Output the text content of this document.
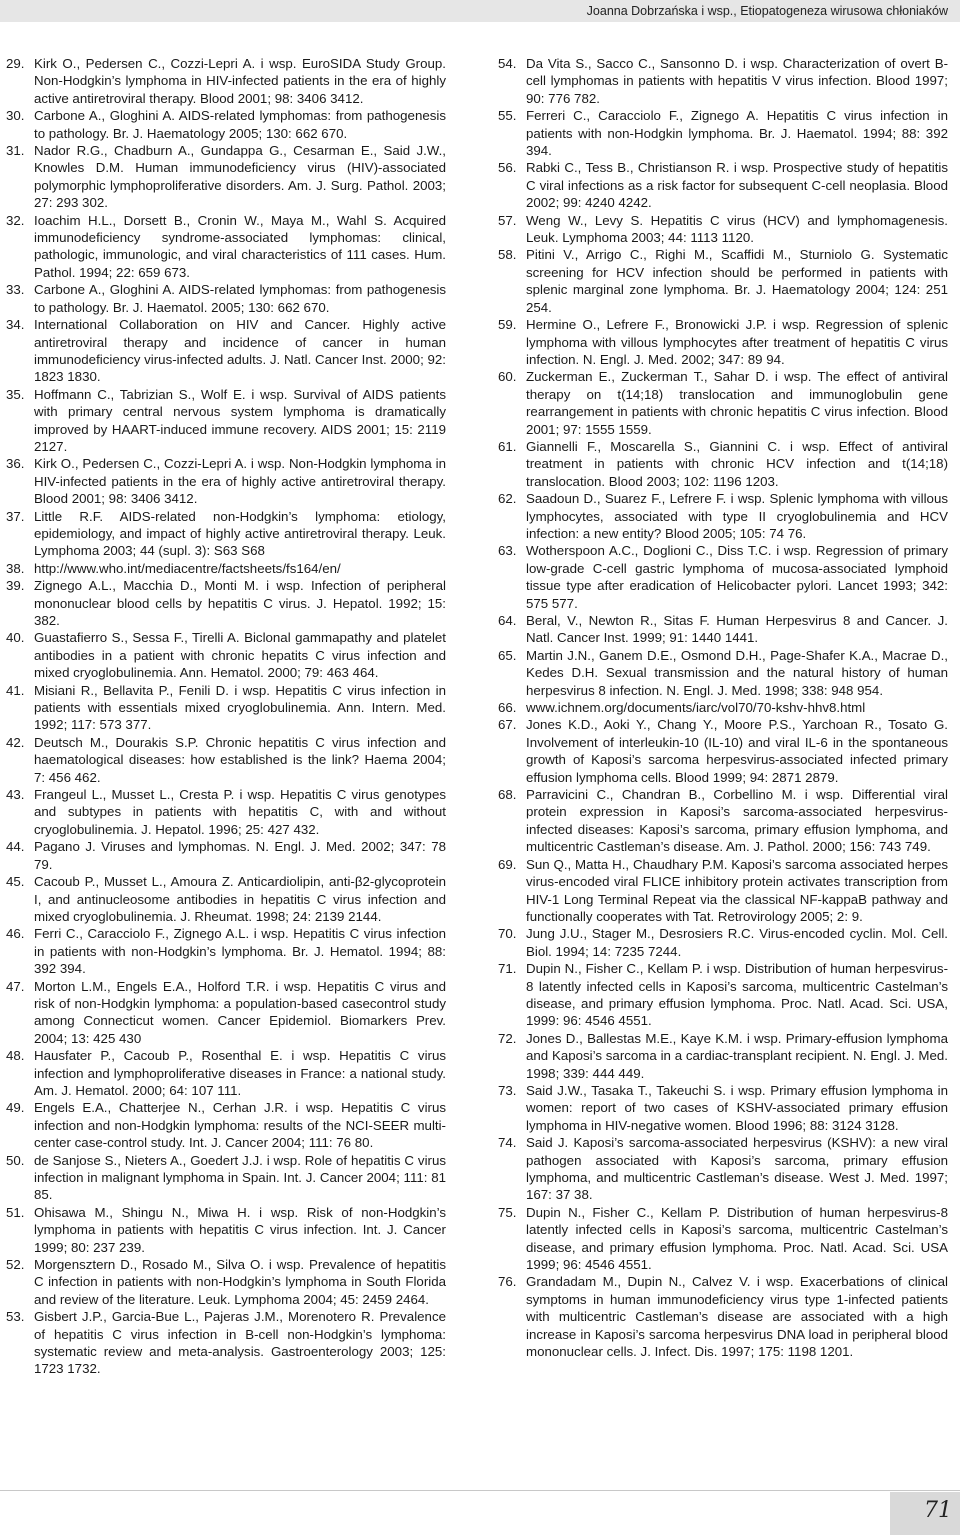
Joanna Dobrzańska i wsp., Etiopatogeneza wirusowa chłoniaków
29. Kirk O., Pedersen C., Cozzi-Lepri A. i wsp. EuroSIDA Study Group. Non-Hodgkin’s lymphoma in HIV-infected patients in the era of highly active antiretroviral therapy. Blood 2001; 98: 3406 3412.
30. Carbone A., Gloghini A. AIDS-related lymphomas: from pathogenesis to pathology. Br. J. Haematology 2005; 130: 662 670.
31. Nador R.G., Chadburn A., Gundappa G., Cesarman E., Said J.W., Knowles D.M. Human immunodeficiency virus (HIV)-associated polymorphic lymphoproliferative disorders. Am. J. Surg. Pathol. 2003; 27: 293 302.
32. Ioachim H.L., Dorsett B., Cronin W., Maya M., Wahl S. Acquired immunodeficiency syndrome-associated lymphomas: clinical, pathologic, immunologic, and viral characteristics of 111 cases. Hum. Pathol. 1994; 22: 659 673.
33. Carbone A., Gloghini A. AIDS-related lymphomas: from pathogenesis to pathology. Br. J. Haematol. 2005; 130: 662 670.
34. International Collaboration on HIV and Cancer. Highly active antiretroviral therapy and incidence of cancer in human immunodeficiency virus-infected adults. J. Natl. Cancer Inst. 2000; 92: 1823 1830.
35. Hoffmann C., Tabrizian S., Wolf E. i wsp. Survival of AIDS patients with primary central nervous system lymphoma is dramatically improved by HAART-induced immune recovery. AIDS 2001; 15: 2119 2127.
36. Kirk O., Pedersen C., Cozzi-Lepri A. i wsp. Non-Hodgkin lymphoma in HIV-infected patients in the era of highly active antiretroviral therapy. Blood 2001; 98: 3406 3412.
37. Little R.F. AIDS-related non-Hodgkin’s lymphoma: etiology, epidemiology, and impact of highly active antiretroviral therapy. Leuk. Lymphoma 2003; 44 (supl. 3): S63 S68
38. http://www.who.int/mediacentre/factsheets/fs164/en/
39. Zignego A.L., Macchia D., Monti M. i wsp. Infection of peripheral mononuclear blood cells by hepatitis C virus. J. Hepatol. 1992; 15: 382.
40. Guastafierro S., Sessa F., Tirelli A. Biclonal gammapathy and platelet antibodies in a patient with chronic hepatits C virus infection and mixed cryoglobulinemia. Ann. Hematol. 2000; 79: 463 464.
41. Misiani R., Bellavita P., Fenili D. i wsp. Hepatitis C virus infection in patients with essentials mixed cryoglobulinemia. Ann. Intern. Med. 1992; 117: 573 377.
42. Deutsch M., Dourakis S.P. Chronic hepatitis C virus infection and haematological diseases: how established is the link? Haema 2004; 7: 456 462.
43. Frangeul L., Musset L., Cresta P. i wsp. Hepatitis C virus genotypes and subtypes in patients with hepatitis C, with and without cryoglobulinemia. J. Hepatol. 1996; 25: 427 432.
44. Pagano J. Viruses and lymphomas. N. Engl. J. Med. 2002; 347: 78 79.
45. Cacoub P., Musset L., Amoura Z. Anticardiolipin, anti-β2-glycoprotein I, and antinucleosome antibodies in hepatitis C virus infection and mixed cryoglobulinemia. J. Rheumat. 1998; 24: 2139 2144.
46. Ferri C., Caracciolo F., Zignego A.L. i wsp. Hepatitis C virus infection in patients with non-Hodgkin’s lymphoma. Br. J. Hematol. 1994; 88: 392 394.
47. Morton L.M., Engels E.A., Holford T.R. i wsp. Hepatitis C virus and risk of non-Hodgkin lymphoma: a population-based casecontrol study among Connecticut women. Cancer Epidemiol. Biomarkers Prev. 2004; 13: 425 430
48. Hausfater P., Cacoub P., Rosenthal E. i wsp. Hepatitis C virus infection and lymphoproliferative diseases in France: a national study. Am. J. Hematol. 2000; 64: 107 111.
49. Engels E.A., Chatterjee N., Cerhan J.R. i wsp. Hepatitis C virus infection and non-Hodgkin lymphoma: results of the NCI-SEER multi-center case-control study. Int. J. Cancer 2004; 111: 76 80.
50. de Sanjose S., Nieters A., Goedert J.J. i wsp. Role of hepatitis C virus infection in malignant lymphoma in Spain. Int. J. Cancer 2004; 111: 81 85.
51. Ohisawa M., Shingu N., Miwa H. i wsp. Risk of non-Hodgkin’s lymphoma in patients with hepatitis C virus infection. Int. J. Cancer 1999; 80: 237 239.
52. Morgensztern D., Rosado M., Silva O. i wsp. Prevalence of hepatitis C infection in patients with non-Hodgkin’s lymphoma in South Florida and review of the literature. Leuk. Lymphoma 2004; 45: 2459 2464.
53. Gisbert J.P., Garcia-Bue L., Pajeras J.M., Morenotero R. Prevalence of hepatitis C virus infection in B-cell non-Hodgkin’s lymphoma: systematic review and meta-analysis. Gastroenterology 2003; 125: 1723 1732.
54. Da Vita S., Sacco C., Sansonno D. i wsp. Characterization of overt B-cell lymphomas in patients with hepatitis V virus infection. Blood 1997; 90: 776 782.
55. Ferreri C., Caracciolo F., Zignego A. Hepatitis C virus infection in patients with non-Hodgkin lymphoma. Br. J. Haematol. 1994; 88: 392 394.
56. Rabki C., Tess B., Christianson R. i wsp. Prospective study of hepatitis C viral infections as a risk factor for subsequent C-cell neoplasia. Blood 2002; 99: 4240 4242.
57. Weng W., Levy S. Hepatitis C virus (HCV) and lymphomagenesis. Leuk. Lymphoma 2003; 44: 1113 1120.
58. Pitini V., Arrigo C., Righi M., Scaffidi M., Sturniolo G. Systematic screening for HCV infection should be performed in patients with splenic marginal zone lymphoma. Br. J. Haematology 2004; 124: 251 254.
59. Hermine O., Lefrere F., Bronowicki J.P. i wsp. Regression of splenic lymphoma with villous lymphocytes after treatment of hepatitis C virus infection. N. Engl. J. Med. 2002; 347: 89 94.
60. Zuckerman E., Zuckerman T., Sahar D. i wsp. The effect of antiviral therapy on t(14;18) translocation and immunoglobulin gene rearrangement in patients with chronic hepatitis C virus infection. Blood 2001; 97: 1555 1559.
61. Giannelli F., Moscarella S., Giannini C. i wsp. Effect of antiviral treatment in patients with chronic HCV infection and t(14;18) translocation. Blood 2003; 102: 1196 1203.
62. Saadoun D., Suarez F., Lefrere F. i wsp. Splenic lymphoma with villous lymphocytes, associated with type II cryoglobulinemia and HCV infection: a new entity? Blood 2005; 105: 74 76.
63. Wotherspoon A.C., Doglioni C., Diss T.C. i wsp. Regression of primary low-grade C-cell gastric lymphoma of mucosa-associated lymphoid tissue type after eradication of Helicobacter pylori. Lancet 1993; 342: 575 577.
64. Beral, V., Newton R., Sitas F. Human Herpesvirus 8 and Cancer. J. Natl. Cancer Inst. 1999; 91: 1440 1441.
65. Martin J.N., Ganem D.E., Osmond D.H., Page-Shafer K.A., Macrae D., Kedes D.H. Sexual transmission and the natural history of human herpesvirus 8 infection. N. Engl. J. Med. 1998; 338: 948 954.
66. www.ichnem.org/documents/iarc/vol70/70-kshv-hhv8.html
67. Jones K.D., Aoki Y., Chang Y., Moore P.S., Yarchoan R., Tosato G. Involvement of interleukin-10 (IL-10) and viral IL-6 in the spontaneous growth of Kaposi’s sarcoma herpesvirus-associated infected primary effusion lymphoma cells. Blood 1999; 94: 2871 2879.
68. Parravicini C., Chandran B., Corbellino M. i wsp. Differential viral protein expression in Kaposi’s sarcoma-associated herpesvirus-infected diseases: Kaposi’s sarcoma, primary effusion lymphoma, and multicentric Castleman’s disease. Am. J. Pathol. 2000; 156: 743 749.
69. Sun Q., Matta H., Chaudhary P.M. Kaposi’s sarcoma associated herpes virus-encoded viral FLICE inhibitory protein activates transcription from HIV-1 Long Terminal Repeat via the classical NF-kappaB pathway and functionally cooperates with Tat. Retrovirology 2005; 2: 9.
70. Jung J.U., Stager M., Desrosiers R.C. Virus-encoded cyclin. Mol. Cell. Biol. 1994; 14: 7235 7244.
71. Dupin N., Fisher C., Kellam P. i wsp. Distribution of human herpesvirus-8 latently infected cells in Kaposi’s sarcoma, multicentric Castelman’s disease, and primary effusion lymphoma. Proc. Natl. Acad. Sci. USA, 1999: 96: 4546 4551.
72. Jones D., Ballestas M.E., Kaye K.M. i wsp. Primary-effusion lymphoma and Kaposi’s sarcoma in a cardiac-transplant recipient. N. Engl. J. Med. 1998; 339: 444 449.
73. Said J.W., Tasaka T., Takeuchi S. i wsp. Primary effusion lymphoma in women: report of two cases of KSHV-associated primary effusion lymphoma in HIV-negative women. Blood 1996; 88: 3124 3128.
74. Said J. Kaposi’s sarcoma-associated herpesvirus (KSHV): a new viral pathogen associated with Kaposi’s sarcoma, primary effusion lymphoma, and multicentric Castleman’s disease. West J. Med. 1997; 167: 37 38.
75. Dupin N., Fisher C., Kellam P. Distribution of human herpesvirus-8 latently infected cells in Kaposi’s sarcoma, multicentric Castelman’s disease, and primary effusion lymphoma. Proc. Natl. Acad. Sci. USA 1999; 96: 4546 4551.
76. Grandadam M., Dupin N., Calvez V. i wsp. Exacerbations of clinical symptoms in human immunodeficiency virus type 1-infected patients with multicentric Castleman’s disease are associated with a high increase in Kaposi’s sarcoma herpesvirus DNA load in peripheral blood mononuclear cells. J. Infect. Dis. 1997; 175: 1198 1201.
71
